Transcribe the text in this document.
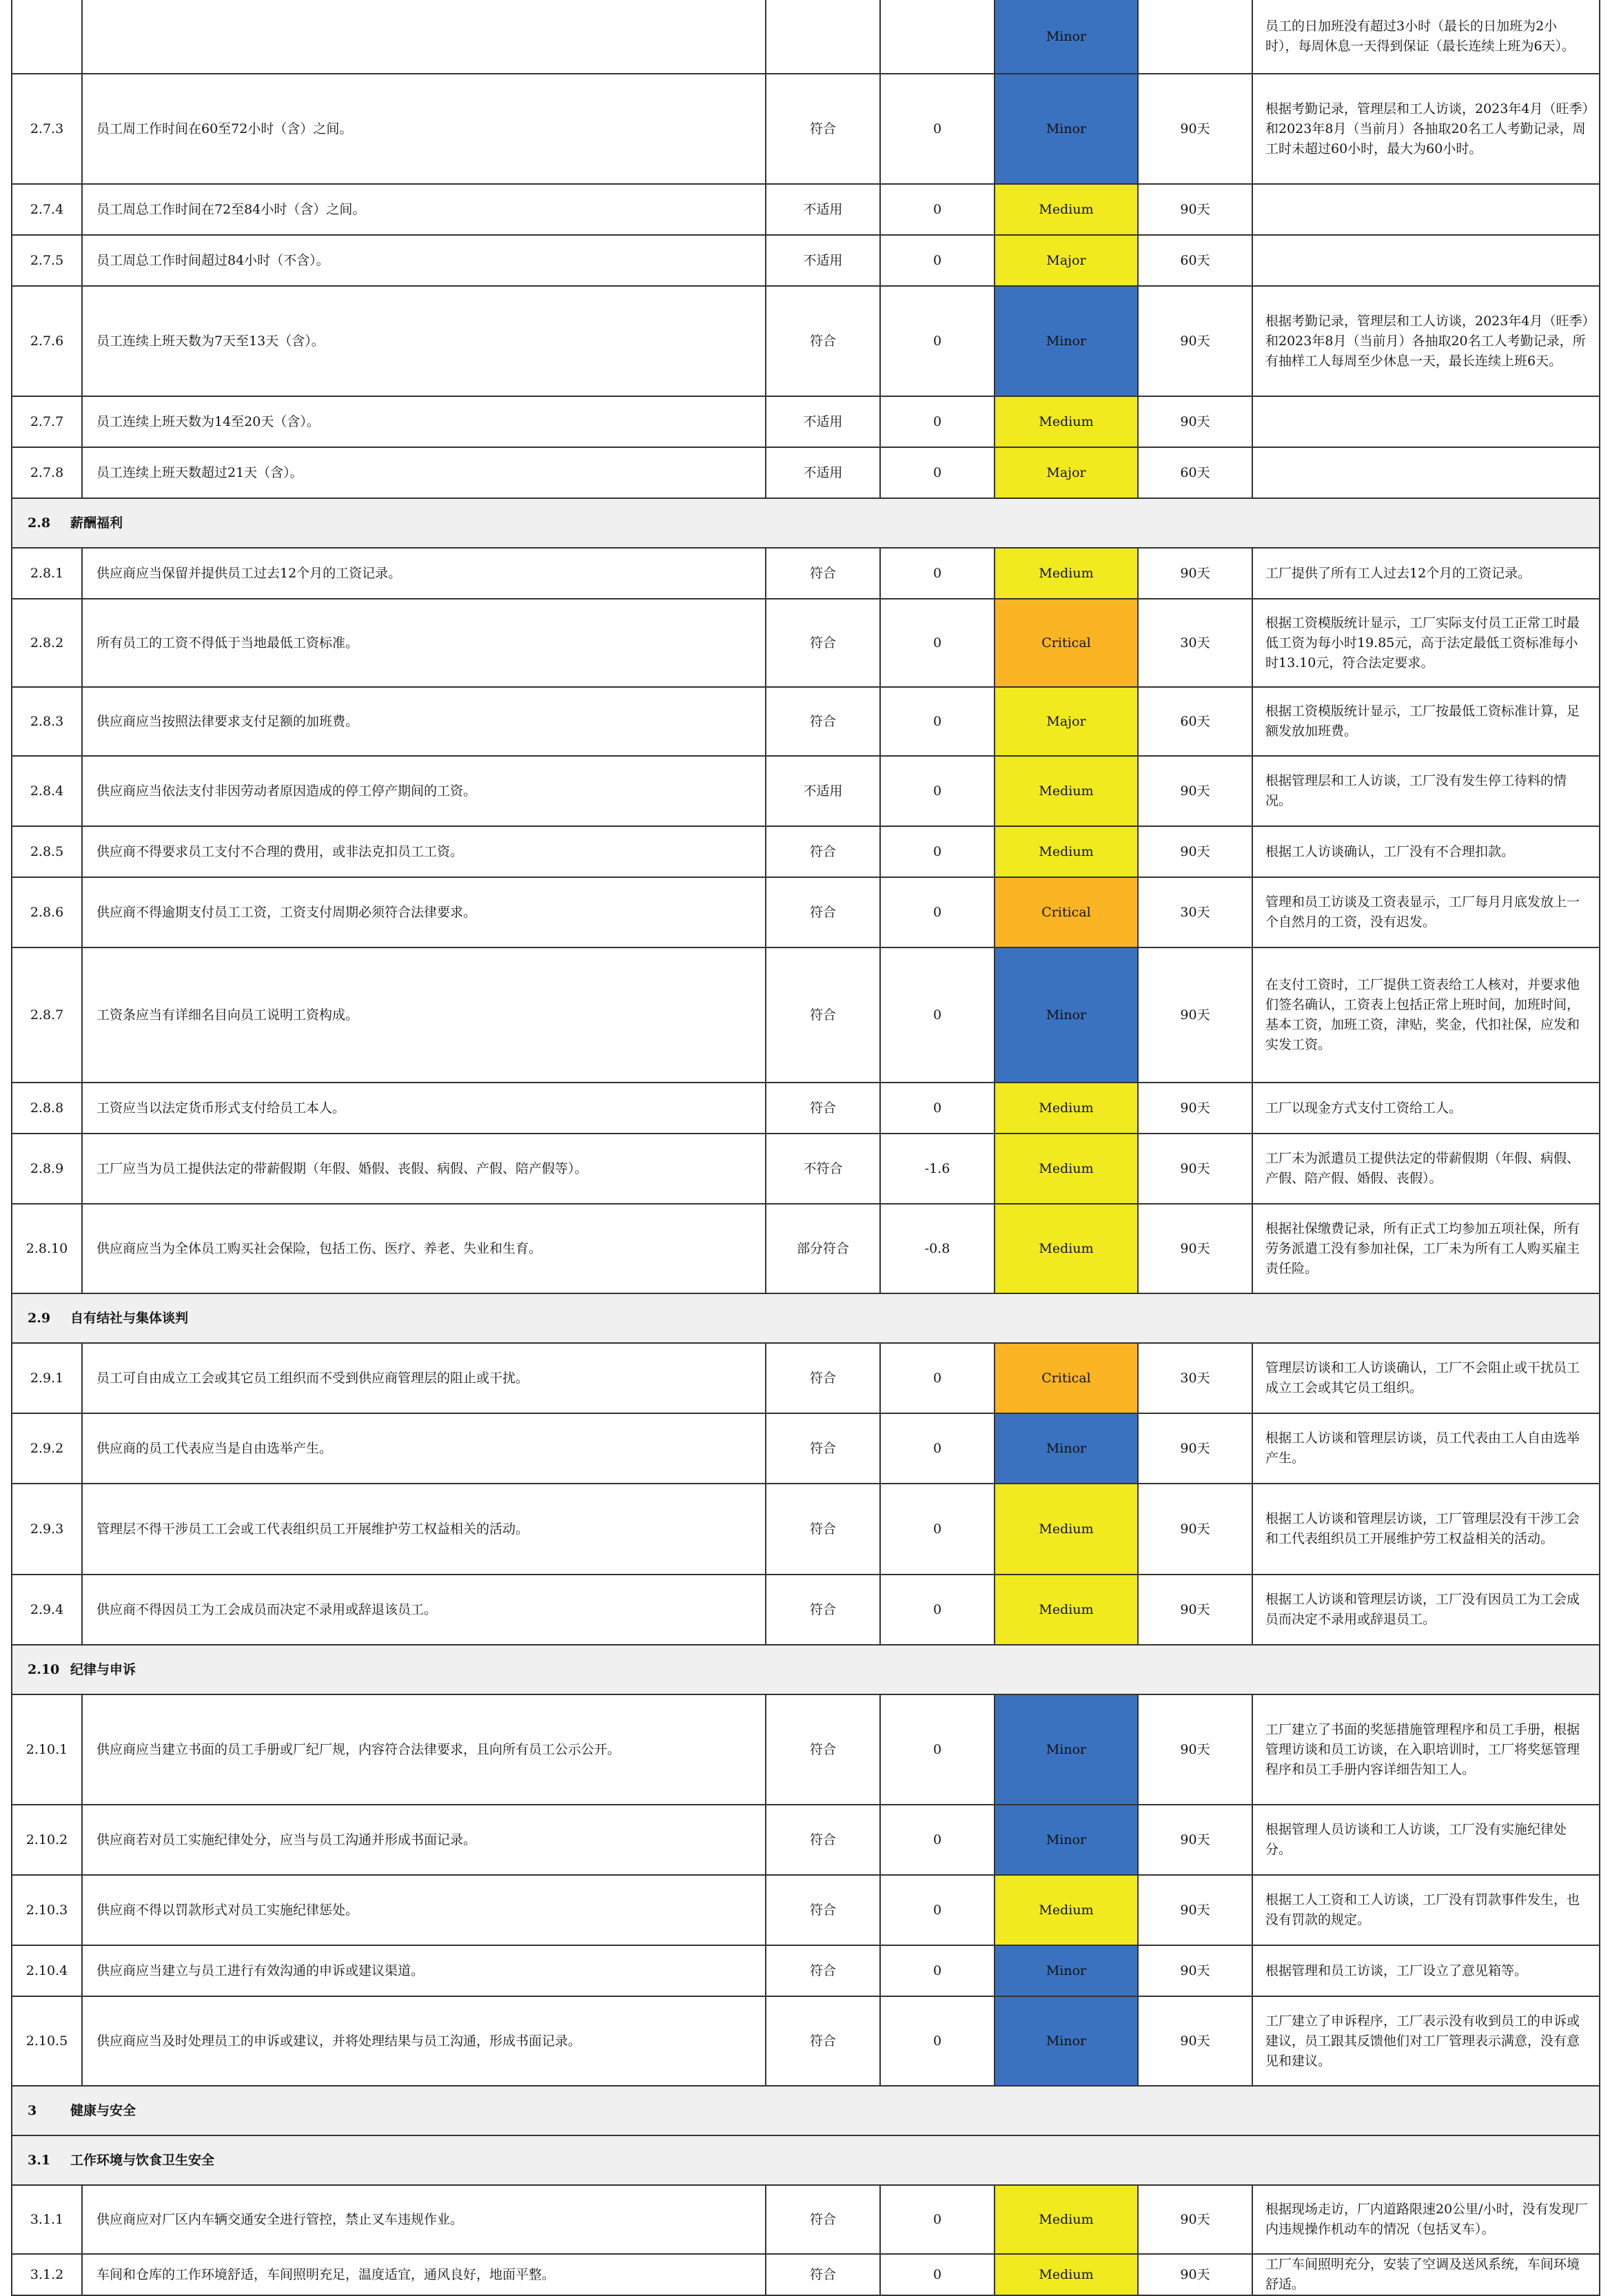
				Minor		员工的日加班没有超过3小时（最长的日加班为2小时），每周休息一天得到保证（最长连续上班为6天）。
2.7.3	员工周工作时间在60至72小时（含）之间。	符合	0	Minor	90天	根据考勤记录，管理层和工人访谈，2023年4月（旺季）和2023年8月（当前月）各抽取20名工人考勤记录，周工时未超过60小时，最大为60小时。
2.7.4	员工周总工作时间在72至84小时（含）之间。	不适用	0	Medium	90天	
2.7.5	员工周总工作时间超过84小时（不含）。	不适用	0	Major	60天	
2.7.6	员工连续上班天数为7天至13天（含）。	符合	0	Minor	90天	根据考勤记录，管理层和工人访谈，2023年4月（旺季）和2023年8月（当前月）各抽取20名工人考勤记录，所有抽样工人每周至少休息一天，最长连续上班6天。
2.7.7	员工连续上班天数为14至20天（含）。	不适用	0	Medium	90天	
2.7.8	员工连续上班天数超过21天（含）。	不适用	0	Major	60天	
2.8 薪酬福利						
2.8.1	供应商应当保留并提供员工过去12个月的工资记录。	符合	0	Medium	90天	工厂提供了所有工人过去12个月的工资记录。
2.8.2	所有员工的工资不得低于当地最低工资标准。	符合	0	Critical	30天	根据工资模版统计显示，工厂实际支付员工正常工时最低工资为每小时19.85元，高于法定最低工资标准每小时13.10元，符合法定要求。
2.8.3	供应商应当按照法律要求支付足额的加班费。	符合	0	Major	60天	根据工资模版统计显示，工厂按最低工资标准计算，足额发放加班费。
2.8.4	供应商应当依法支付非因劳动者原因造成的停工停产期间的工资。	不适用	0	Medium	90天	根据管理层和工人访谈，工厂没有发生停工待料的情况。
2.8.5	供应商不得要求员工支付不合理的费用，或非法克扣员工工资。	符合	0	Medium	90天	根据工人访谈确认，工厂没有不合理扣款。
2.8.6	供应商不得逾期支付员工工资，工资支付周期必须符合法律要求。	符合	0	Critical	30天	管理和员工访谈及工资表显示，工厂每月月底发放上一个自然月的工资，没有迟发。
2.8.7	工资条应当有详细名目向员工说明工资构成。	符合	0	Minor	90天	在支付工资时，工厂提供工资表给工人核对，并要求他们签名确认，工资表上包括正常上班时间，加班时间，基本工资，加班工资，津贴，奖金，代扣社保，应发和实发工资。
2.8.8	工资应当以法定货币形式支付给员工本人。	符合	0	Medium	90天	工厂以现金方式支付工资给工人。
2.8.9	工厂应当为员工提供法定的带薪假期（年假、婚假、丧假、病假、产假、陪产假等）。	不符合	-1.6	Medium	90天	工厂未为派遣员工提供法定的带薪假期（年假、病假、产假、陪产假、婚假、丧假）。
2.8.10	供应商应当为全体员工购买社会保险，包括工伤、医疗、养老、失业和生育。	部分符合	-0.8	Medium	90天	根据社保缴费记录，所有正式工均参加五项社保，所有劳务派遣工没有参加社保，工厂未为所有工人购买雇主责任险。
2.9 自有结社与集体谈判						
2.9.1	员工可自由成立工会或其它员工组织而不受到供应商管理层的阻止或干扰。	符合	0	Critical	30天	管理层访谈和工人访谈确认，工厂不会阻止或干扰员工成立工会或其它员工组织。
2.9.2	供应商的员工代表应当是自由选举产生。	符合	0	Minor	90天	根据工人访谈和管理层访谈，员工代表由工人自由选举产生。
2.9.3	管理层不得干涉员工工会或工代表组织员工开展维护劳工权益相关的活动。	符合	0	Medium	90天	根据工人访谈和管理层访谈，工厂管理层没有干涉工会和工代表组织员工开展维护劳工权益相关的活动。
2.9.4	供应商不得因员工为工会成员而决定不录用或辞退该员工。	符合	0	Medium	90天	根据工人访谈和管理层访谈，工厂没有因员工为工会成员而决定不录用或辞退员工。
2.10 纪律与申诉						
2.10.1	供应商应当建立书面的员工手册或厂纪厂规，内容符合法律要求，且向所有员工公示公开。	符合	0	Minor	90天	工厂建立了书面的奖惩措施管理程序和员工手册，根据管理访谈和员工访谈，在入职培训时，工厂将奖惩管理程序和员工手册内容详细告知工人。
2.10.2	供应商若对员工实施纪律处分，应当与员工沟通并形成书面记录。	符合	0	Minor	90天	根据管理人员访谈和工人访谈，工厂没有实施纪律处分。
2.10.3	供应商不得以罚款形式对员工实施纪律惩处。	符合	0	Medium	90天	根据工人工资和工人访谈，工厂没有罚款事件发生，也没有罚款的规定。
2.10.4	供应商应当建立与员工进行有效沟通的申诉或建议渠道。	符合	0	Minor	90天	根据管理和员工访谈，工厂设立了意见箱等。
2.10.5	供应商应当及时处理员工的申诉或建议，并将处理结果与员工沟通，形成书面记录。	符合	0	Minor	90天	工厂建立了申诉程序，工厂表示没有收到员工的申诉或建议，员工跟其反馈他们对工厂管理表示满意，没有意见和建议。
3 健康与安全						
3.1 工作环境与饮食卫生安全						
3.1.1	供应商应对厂区内车辆交通安全进行管控，禁止叉车违规作业。	符合	0	Medium	90天	根据现场走访，厂内道路限速20公里/小时，没有发现厂内违规操作机动车的情况（包括叉车）。
3.1.2	车间和仓库的工作环境舒适，车间照明充足，温度适宜，通风良好，地面平整。	符合	0	Medium	90天	工厂车间照明充分，安装了空调及送风系统，车间环境舒适。
